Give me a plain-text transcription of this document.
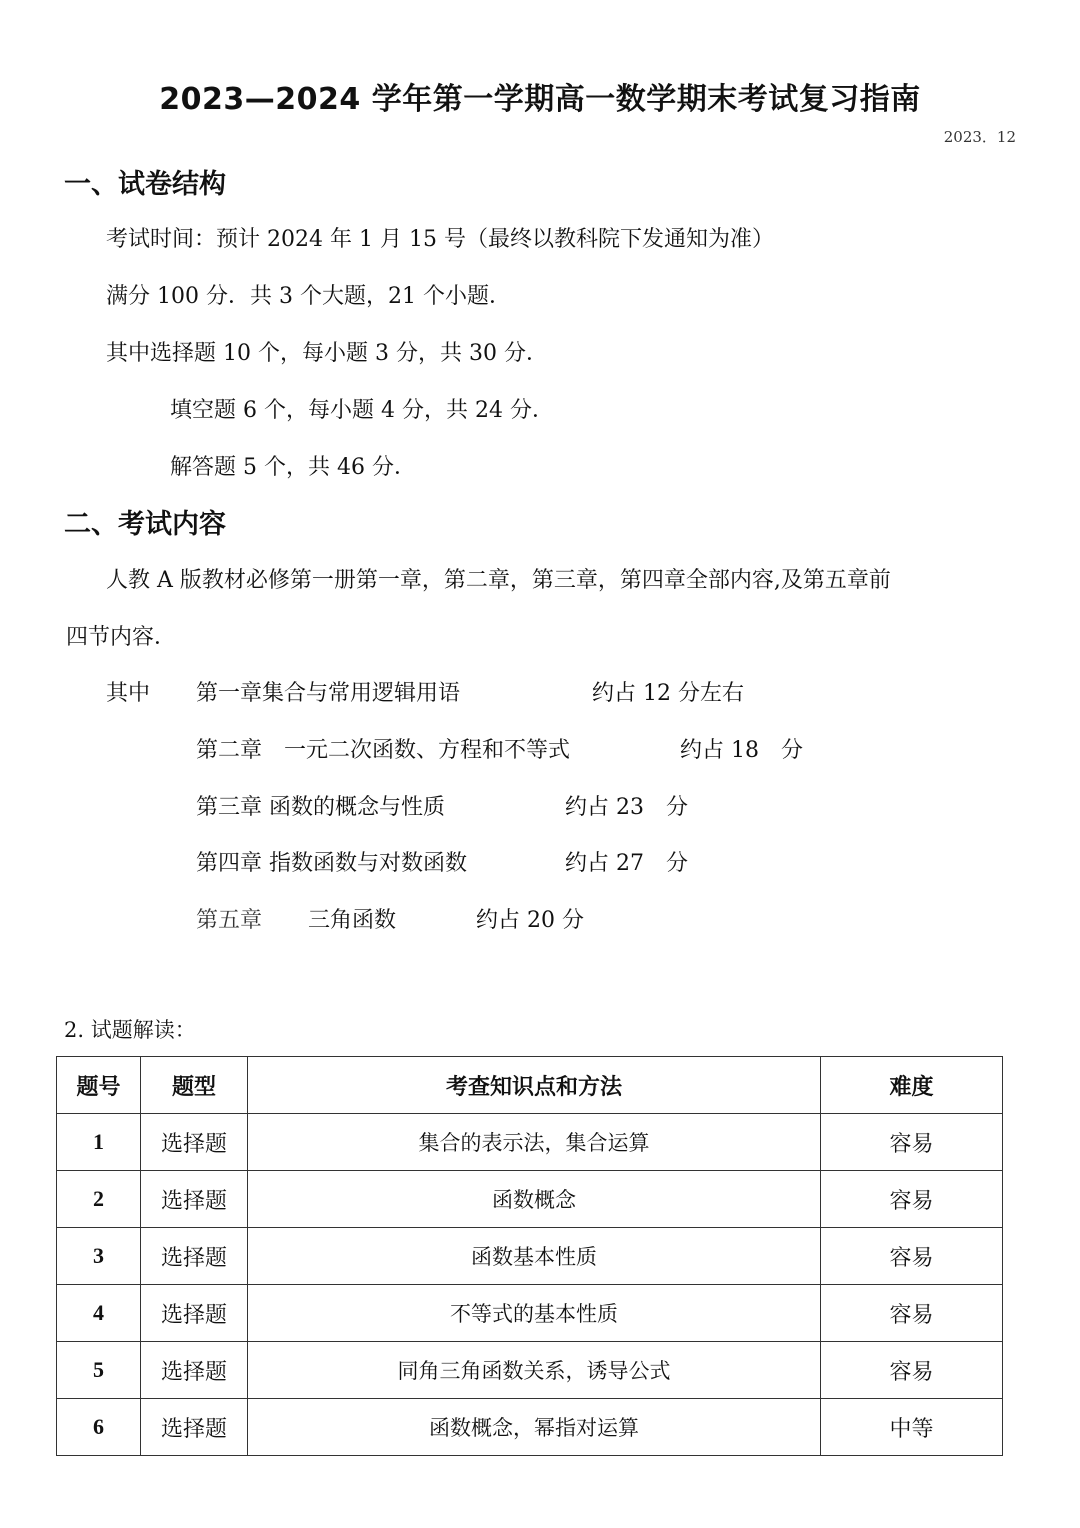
2023—2024 学年第一学期高一数学期末考试复习指南
2023．12
一、试卷结构
考试时间：预计 2024 年 1 月 15 号（最终以教科院下发通知为准）
满分 100 分．共 3 个大题，21 个小题．
其中选择题 10 个，每小题 3 分，共 30 分．
填空题 6 个，每小题 4 分，共 24 分．
解答题 5 个，共 46 分．
二、考试内容
人教 A 版教材必修第一册第一章，第二章，第三章，第四章全部内容,及第五章前
四节内容．
其中 第一章集合与常用逻辑用语	约占 12 分左右
第二章　一元二次函数、方程和不等式	约占 18　分
第三章 函数的概念与性质	约占 23　分
第四章 指数函数与对数函数	约占 27　分
第五章 三角函数	约占 20 分
2. 试题解读：
题号	题型	考查知识点和方法	难度
1	选择题	集合的表示法，集合运算	容易
2	选择题	函数概念	容易
3	选择题	函数基本性质	容易
4	选择题	不等式的基本性质	容易
5	选择题	同角三角函数关系，诱导公式	容易
6	选择题	函数概念，幂指对运算	中等
